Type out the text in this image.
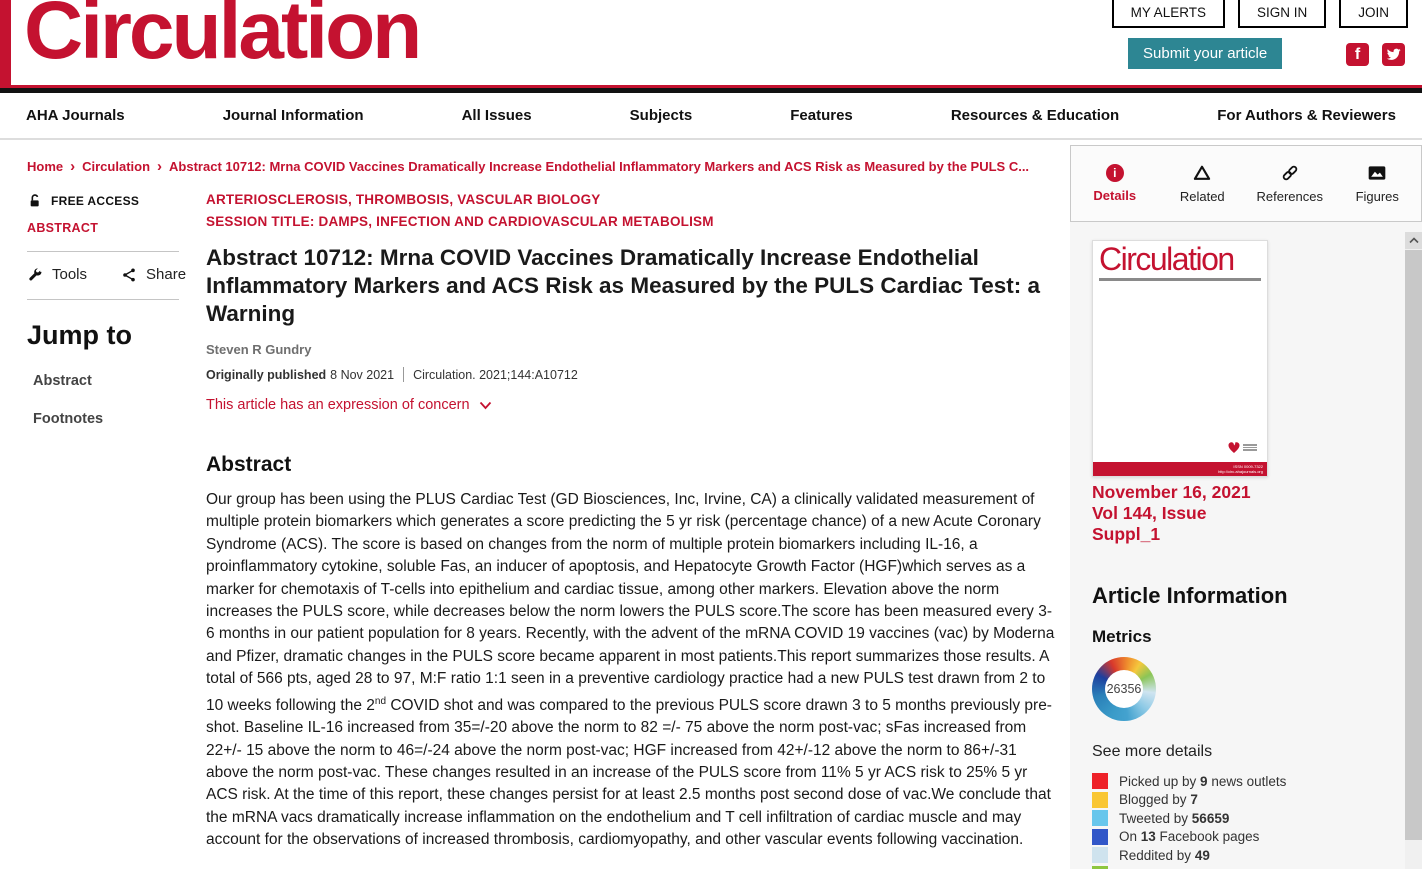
Circulation	MY ALERTS	SIGN IN	JOIN
Submit your article	f
AHA Journals	Journal Information	All Issues	Subjects	Features	Resources & Education	For Authors & Reviewers
Home › Circulation › Abstract 10712: Mrna COVID Vaccines Dramatically Increase Endothelial Inflammatory Markers and ACS Risk as Measured by the PULS C...
FREE ACCESS
ABSTRACT
Tools	Share
Jump to
Abstract
Footnotes
ARTERIOSCLEROSIS, THROMBOSIS, VASCULAR BIOLOGY
SESSION TITLE: DAMPS, INFECTION AND CARDIOVASCULAR METABOLISM
Abstract 10712: Mrna COVID Vaccines Dramatically Increase Endothelial Inflammatory Markers and ACS Risk as Measured by the PULS Cardiac Test: a Warning
Steven R Gundry
Originally published 8 Nov 2021 Circulation. 2021;144:A10712
This article has an expression of concern
Abstract

Our group has been using the PLUS Cardiac Test (GD Biosciences, Inc, Irvine, CA) a clinically validated measurement of multiple protein biomarkers which generates a score predicting the 5 yr risk (percentage chance) of a new Acute Coronary Syndrome (ACS). The score is based on changes from the norm of multiple protein biomarkers including IL-16, a proinflammatory cytokine, soluble Fas, an inducer of apoptosis, and Hepatocyte Growth Factor (HGF)which serves as a marker for chemotaxis of T-cells into epithelium and cardiac tissue, among other markers. Elevation above the norm increases the PULS score, while decreases below the norm lowers the PULS score.The score has been measured every 3-6 months in our patient population for 8 years. Recently, with the advent of the mRNA COVID 19 vaccines (vac) by Moderna and Pfizer, dramatic changes in the PULS score became apparent in most patients.This report summarizes those results. A total of 566 pts, aged 28 to 97, M:F ratio 1:1 seen in a preventive cardiology practice had a new PULS test drawn from 2 to 10 weeks following the 2nd COVID shot and was compared to the previous PULS score drawn 3 to 5 months previously pre- shot. Baseline IL-16 increased from 35=/-20 above the norm to 82 =/- 75 above the norm post-vac; sFas increased from 22+/- 15 above the norm to 46=/-24 above the norm post-vac; HGF increased from 42+/-12 above the norm to 86+/-31 above the norm post-vac. These changes resulted in an increase of the PULS score from 11% 5 yr ACS risk to 25% 5 yr ACS risk. At the time of this report, these changes persist for at least 2.5 months post second dose of vac.We conclude that the mRNA vacs dramatically increase inflammation on the endothelium and T cell infiltration of cardiac muscle and may account for the observations of increased thrombosis, cardiomyopathy, and other vascular events following vaccination.

i
Details	Related References	Figures
Circulation
ISSN 0009-7322
http://circ.ahajournals.org
November 16, 2021
Vol 144, Issue
Suppl_1
Article Information
Metrics
26356
See more details
Picked up by 9 news outlets
Blogged by 7
Tweeted by 56659
On 13 Facebook pages
Reddited by 49
